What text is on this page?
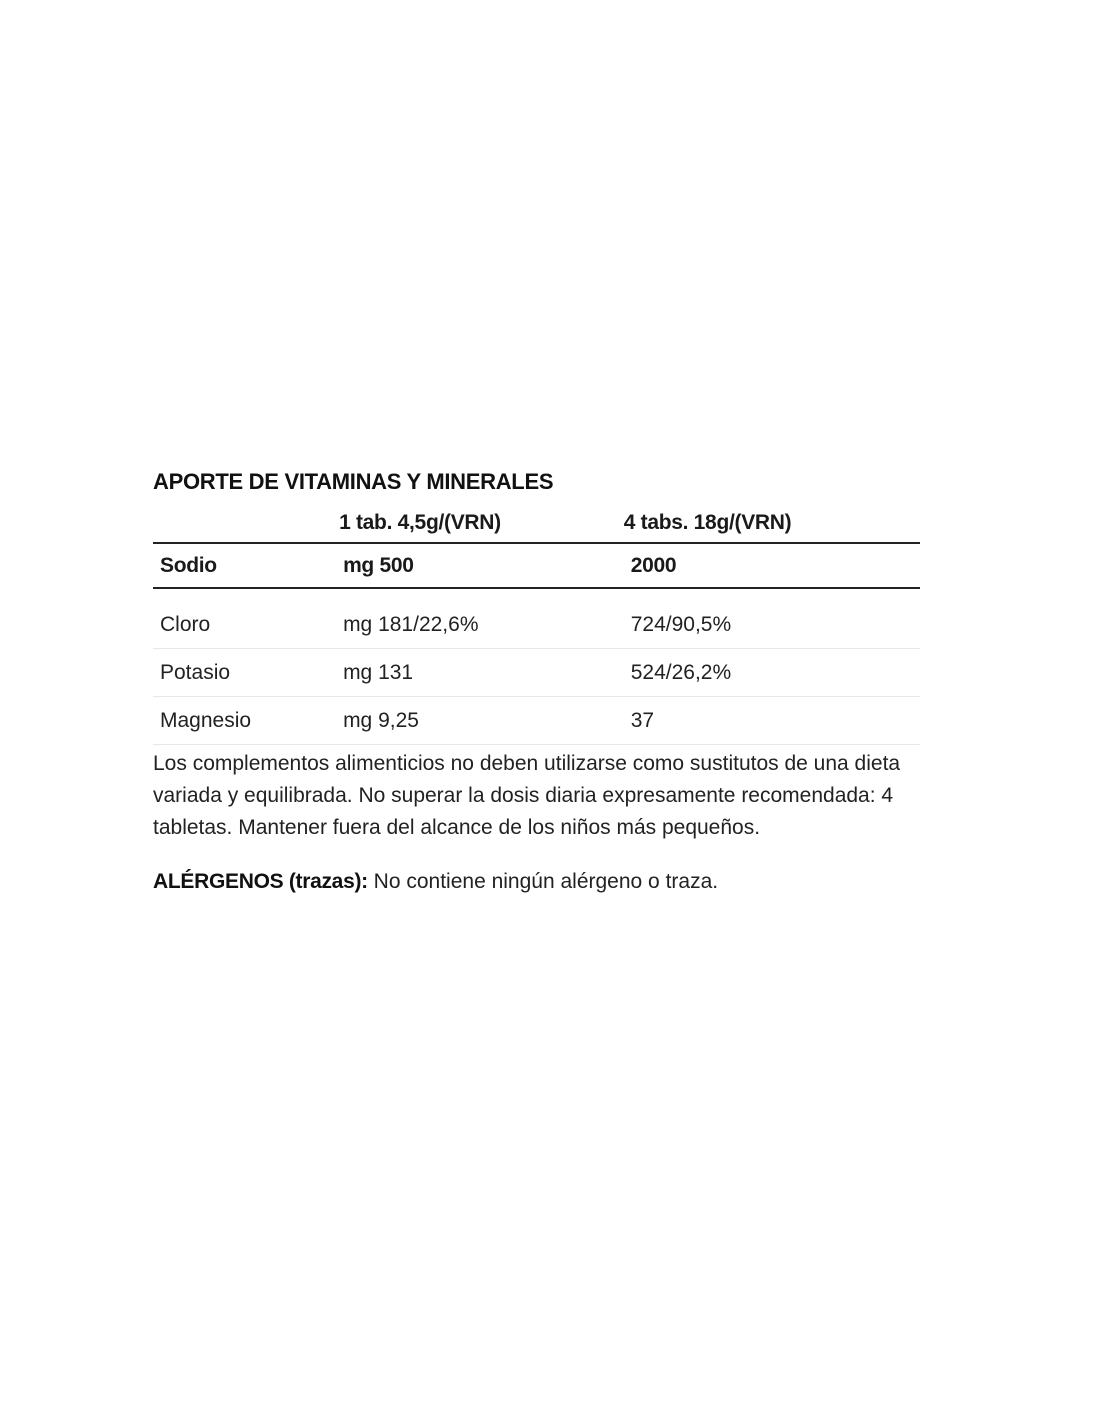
APORTE DE VITAMINAS Y MINERALES
	1 tab. 4,5g/(VRN)	4 tabs. 18g/(VRN)
Sodio	mg 500	2000

Cloro	mg 181/22,6%	724/90,5%
Potasio	mg 131	524/26,2%
Magnesio	mg 9,25	37

Los complementos alimenticios no deben utilizarse como sustitutos de una dieta variada y equilibrada. No superar la dosis diaria expresamente recomendada: 4 tabletas. Mantener fuera del alcance de los niños más pequeños.

ALÉRGENOS (trazas): No contiene ningún alérgeno o traza.
